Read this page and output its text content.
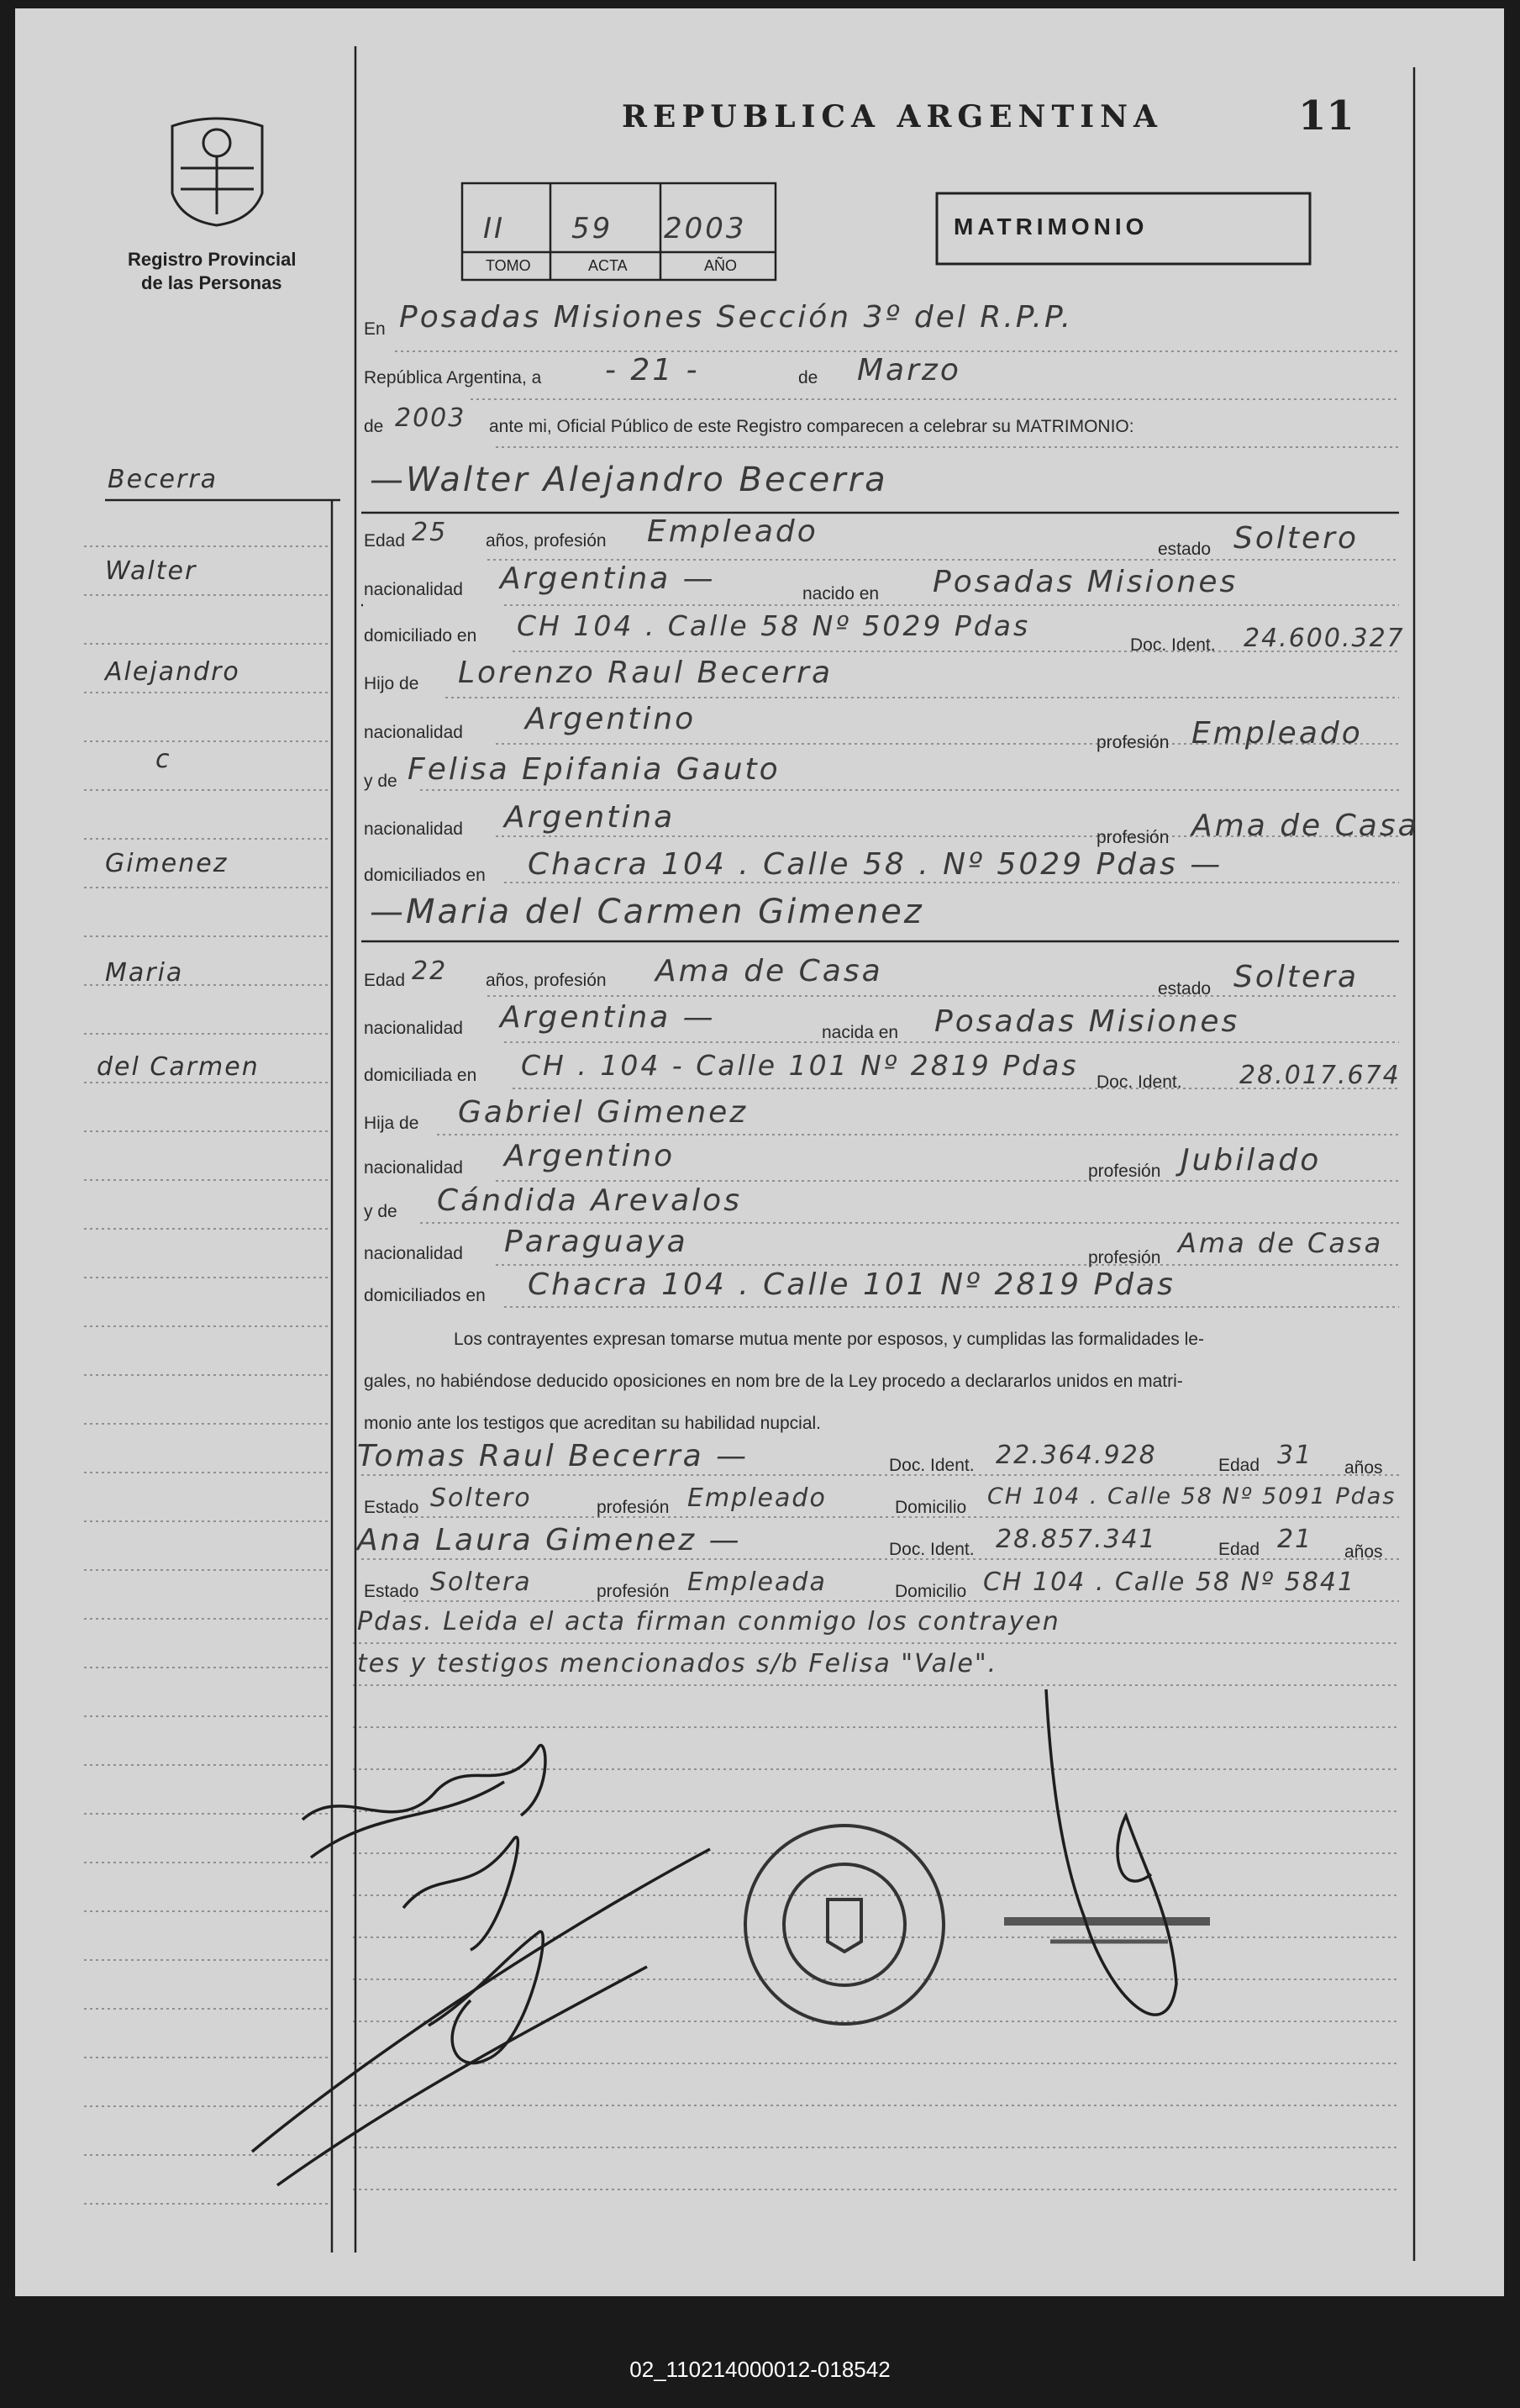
REPUBLICA ARGENTINA	11
Registro Provincial
de las Personas
II 59 2003
TOMO	ACTA	AÑO
MATRIMONIO
Becerra
Walter
Alejandro
c
Gimenez
Maria
del Carmen
En Posadas Misiones Sección 3º del R.P.P.
República Argentina, a - 21 -	de Marzo
de 2003 ante mi, Oficial Público de este Registro comparecen a celebrar su MATRIMONIO:
—Walter Alejandro Becerra
Edad 25 años, profesión Empleado
estado Soltero
nacionalidad Argentina —	nacido en Posadas Misiones
domiciliado en CH 104 . Calle 58 Nº 5029 Pdas
Doc. Ident. 24.600.327
Hijo de Lorenzo Raul Becerra
nacionalidad Argentino
profesión Empleado
y de Felisa Epifania Gauto
nacionalidad Argentina
profesión Ama de Casa
domiciliados en Chacra 104 . Calle 58 . Nº 5029 Pdas —
—Maria del Carmen Gimenez
Edad 22 años, profesión Ama de Casa
estado Soltera
nacionalidad Argentina —	nacida en Posadas Misiones
domiciliada en CH . 104 - Calle 101 Nº 2819 Pdas
Doc. Ident. 28.017.674
Hija de Gabriel Gimenez
nacionalidad Argentino	profesión Jubilado
y de Cándida Arevalos
nacionalidad Paraguaya	profesión Ama de Casa
domiciliados en Chacra 104 . Calle 101 Nº 2819 Pdas
Los contrayentes expresan tomarse mutua mente por esposos, y cumplidas las formalidades le-
gales, no habiéndose deducido oposiciones en nom bre de la Ley procedo a declararlos unidos en matri-
monio ante los testigos que acreditan su habilidad nupcial.
Tomas Raul Becerra —	Doc. Ident. 22.364.928	Edad 31 años
Estado Soltero	profesión Empleado	Domicilio CH 104 . Calle 58 Nº 5091 Pdas
Ana Laura Gimenez —	Doc. Ident. 28.857.341	Edad 21 años
Estado Soltera	profesión Empleada	Domicilio CH 104 . Calle 58 Nº 5841
Pdas. Leida el acta firman conmigo los contrayen
tes y testigos mencionados s/b Felisa "Vale".
02_110214000012-018542
